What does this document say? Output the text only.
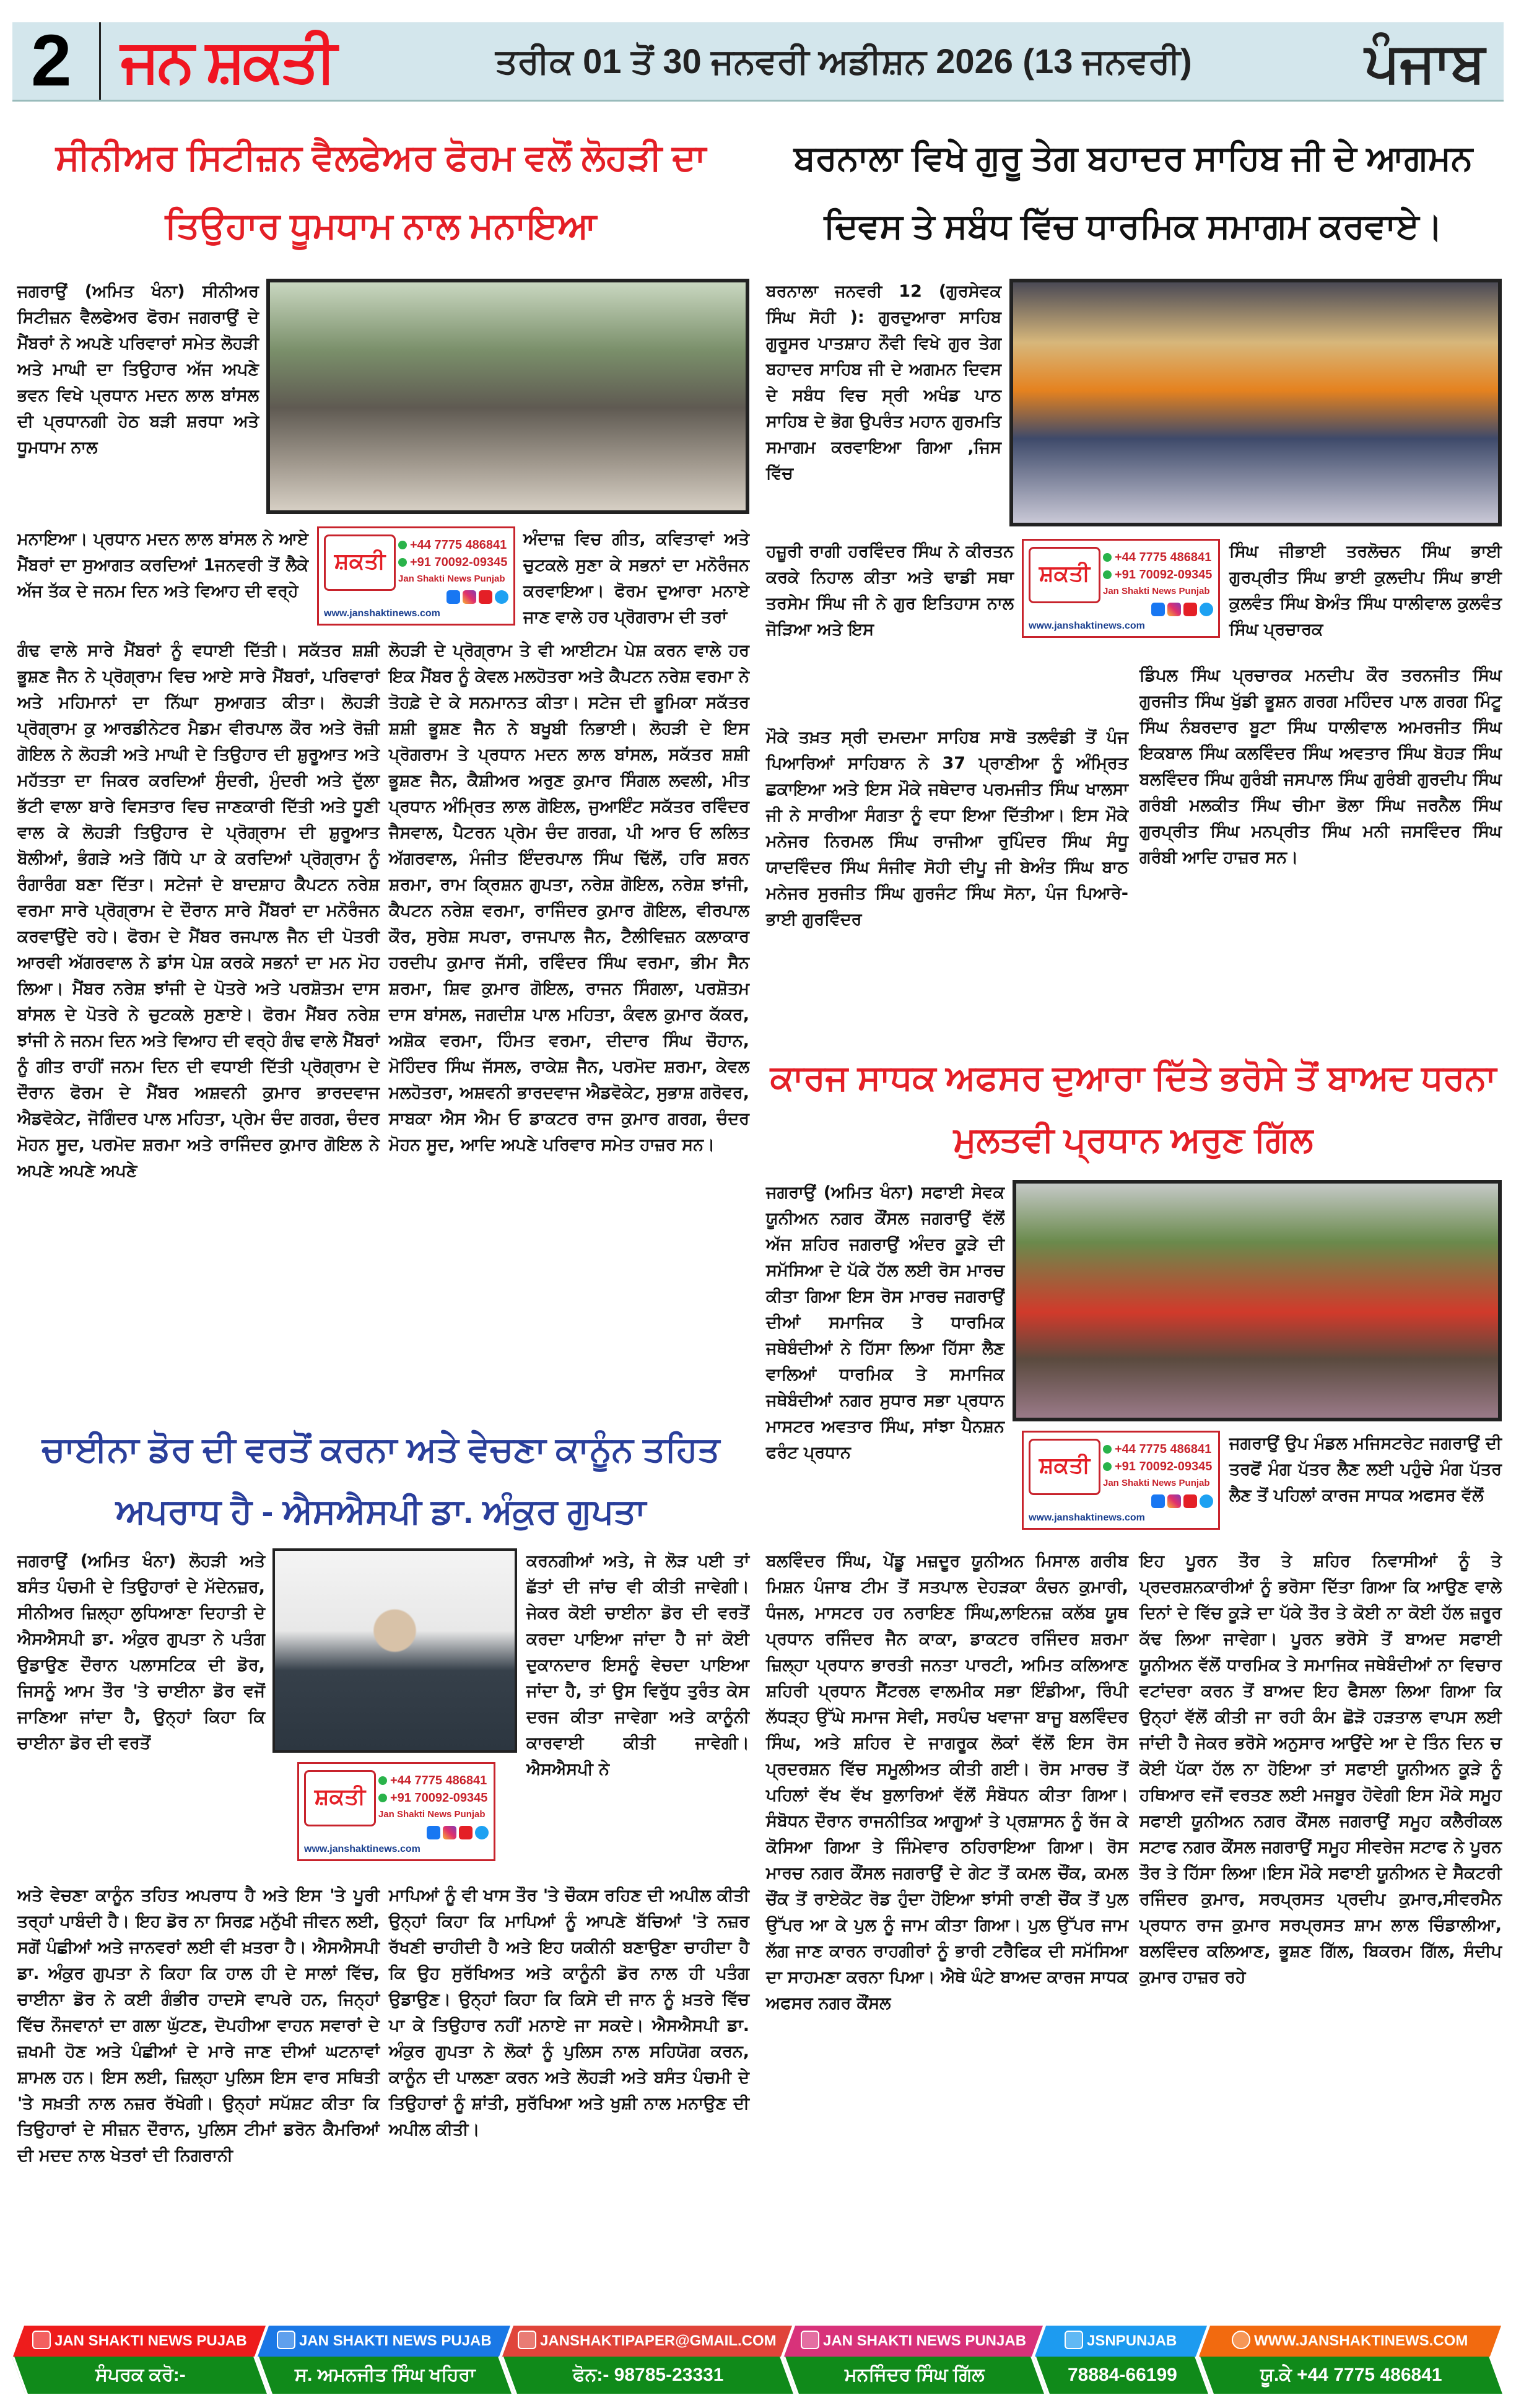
2 ਜਨ ਸ਼ਕਤੀ	ਤਰੀਕ 01 ਤੋਂ 30 ਜਨਵਰੀ ਅਡੀਸ਼ਨ 2026 (13 ਜਨਵਰੀ)	ਪੰਜਾਬ
ਸੀਨੀਅਰ ਸਿਟੀਜ਼ਨ ਵੈਲਫੇਅਰ ਫੋਰਮ ਵਲੋਂ ਲੋਹੜੀ ਦਾ
ਤਿਉਹਾਰ ਧੂਮਧਾਮ ਨਾਲ ਮਨਾਇਆ
ਜਗਰਾਉਂ (ਅਮਿਤ ਖੰਨਾ) ਸੀਨੀਅਰ ਸਿਟੀਜ਼ਨ ਵੈਲਫੇਅਰ ਫੋਰਮ ਜਗਰਾਉਂ ਦੇ ਮੈਂਬਰਾਂ ਨੇ ਅਪਣੇ ਪਰਿਵਾਰਾਂ ਸਮੇਤ ਲੋਹੜੀ ਅਤੇ ਮਾਘੀ ਦਾ ਤਿਉਹਾਰ ਅੱਜ ਅਪਣੇ ਭਵਨ ਵਿਖੇ ਪ੍ਰਧਾਨ ਮਦਨ ਲਾਲ ਬਾਂਸਲ ਦੀ ਪ੍ਰਧਾਨਗੀ ਹੇਠ ਬੜੀ ਸ਼ਰਧਾ ਅਤੇ ਧੂਮਧਾਮ ਨਾਲ
ਮਨਾਇਆ। ਪ੍ਰਧਾਨ ਮਦਨ ਲਾਲ ਬਾਂਸਲ ਨੇ ਆਏ ਮੈਂਬਰਾਂ ਦਾ ਸੁਆਗਤ ਕਰਦਿਆਂ 1ਜਨਵਰੀ ਤੋਂ ਲੈਕੇ ਅੱਜ ਤੱਕ ਦੇ ਜਨਮ ਦਿਨ ਅਤੇ ਵਿਆਹ ਦੀ ਵਰ੍ਹੇ
ਸ਼ਕਤੀ
+44 7775 486841
+91 70092-09345
Jan Shakti News Punjab
www.janshaktinews.com
ਅੰਦਾਜ਼ ਵਿਚ ਗੀਤ, ਕਵਿਤਾਵਾਂ ਅਤੇ ਚੁਟਕਲੇ ਸੁਣਾ ਕੇ ਸਭਨਾਂ ਦਾ ਮਨੋਰੰਜਨ ਕਰਵਾਇਆ। ਫੋਰਮ ਦੁਆਰਾ ਮਨਾਏ ਜਾਣ ਵਾਲੇ ਹਰ ਪ੍ਰੋਗਰਾਮ ਦੀ ਤਰਾਂ
ਗੰਢ ਵਾਲੇ ਸਾਰੇ ਮੈਂਬਰਾਂ ਨੂੰ ਵਧਾਈ ਦਿੱਤੀ। ਸਕੱਤਰ ਸ਼ਸ਼ੀ ਭੂਸ਼ਣ ਜੈਨ ਨੇ ਪ੍ਰੋਗ੍ਰਾਮ ਵਿਚ ਆਏ ਸਾਰੇ ਮੈਂਬਰਾਂ, ਪਰਿਵਾਰਾਂ ਅਤੇ ਮਹਿਮਾਨਾਂ ਦਾ ਨਿੱਘਾ ਸੁਆਗਤ ਕੀਤਾ। ਲੋਹੜੀ ਪ੍ਰੋਗ੍ਰਾਮ ਕੁ ਆਰਡੀਨੇਟਰ ਮੈਡਮ ਵੀਰਪਾਲ ਕੌਰ ਅਤੇ ਰੋਜ਼ੀ ਗੋਇਲ ਨੇ ਲੋਹੜੀ ਅਤੇ ਮਾਘੀ ਦੇ ਤਿਉਹਾਰ ਦੀ ਸ਼ੁਰੂਆਤ ਅਤੇ ਮਹੱਤਤਾ ਦਾ ਜਿਕਰ ਕਰਦਿਆਂ ਸੁੰਦਰੀ, ਮੁੰਦਰੀ ਅਤੇ ਦੁੱਲਾ ਭੱਟੀ ਵਾਲਾ ਬਾਰੇ ਵਿਸਤਾਰ ਵਿਚ ਜਾਣਕਾਰੀ ਦਿੱਤੀ ਅਤੇ ਧੂਣੀ ਵਾਲ ਕੇ ਲੋਹੜੀ ਤਿਉਹਾਰ ਦੇ ਪ੍ਰੋਗ੍ਰਾਮ ਦੀ ਸ਼ੁਰੂਆਤ ਬੋਲੀਆਂ, ਭੰਗੜੇ ਅਤੇ ਗਿੱਧੇ ਪਾ ਕੇ ਕਰਦਿਆਂ ਪ੍ਰੋਗ੍ਰਾਮ ਨੂੰ ਰੰਗਾਰੰਗ ਬਣਾ ਦਿੱਤਾ। ਸਟੇਜਾਂ ਦੇ ਬਾਦਸ਼ਾਹ ਕੈਪਟਨ ਨਰੇਸ਼ ਵਰਮਾ ਸਾਰੇ ਪ੍ਰੋਗ੍ਰਾਮ ਦੇ ਦੌਰਾਨ ਸਾਰੇ ਮੈਂਬਰਾਂ ਦਾ ਮਨੋਰੰਜਨ ਕਰਵਾਉਂਦੇ ਰਹੇ। ਫੋਰਮ ਦੇ ਮੈਂਬਰ ਰਜਪਾਲ ਜੈਨ ਦੀ ਪੋਤਰੀ ਆਰਵੀ ਅੱਗਰਵਾਲ ਨੇ ਡਾਂਸ ਪੇਸ਼ ਕਰਕੇ ਸਭਨਾਂ ਦਾ ਮਨ ਮੋਹ ਲਿਆ। ਮੈਂਬਰ ਨਰੇਸ਼ ਝਾਂਜੀ ਦੇ ਪੋਤਰੇ ਅਤੇ ਪਰਸ਼ੋਤਮ ਦਾਸ ਬਾਂਸਲ ਦੇ ਪੋਤਰੇ ਨੇ ਚੁਟਕਲੇ ਸੁਣਾਏ। ਫੋਰਮ ਮੈਂਬਰ ਨਰੇਸ਼ ਝਾਂਜੀ ਨੇ ਜਨਮ ਦਿਨ ਅਤੇ ਵਿਆਹ ਦੀ ਵਰ੍ਹੇ ਗੰਢ ਵਾਲੇ ਮੈਂਬਰਾਂ ਨੂੰ ਗੀਤ ਰਾਹੀਂ ਜਨਮ ਦਿਨ ਦੀ ਵਧਾਈ ਦਿੱਤੀ ਪ੍ਰੋਗ੍ਰਾਮ ਦੇ ਦੌਰਾਨ ਫੋਰਮ ਦੇ ਮੈਂਬਰ ਅਸ਼ਵਨੀ ਕੁਮਾਰ ਭਾਰਦਵਾਜ ਐਡਵੋਕੇਟ, ਜੋਗਿੰਦਰ ਪਾਲ ਮਹਿਤਾ, ਪ੍ਰੇਮ ਚੰਦ ਗਰਗ, ਚੰਦਰ ਮੋਹਨ ਸੂਦ, ਪਰਮੋਦ ਸ਼ਰਮਾ ਅਤੇ ਰਾਜਿੰਦਰ ਕੁਮਾਰ ਗੋਇਲ ਨੇ ਅਪਣੇ ਅਪਣੇ ਅਪਣੇ
ਲੋਹੜੀ ਦੇ ਪ੍ਰੋਗ੍ਰਾਮ ਤੇ ਵੀ ਆਈਟਮ ਪੇਸ਼ ਕਰਨ ਵਾਲੇ ਹਰ ਇਕ ਮੈਂਬਰ ਨੂੰ ਕੇਵਲ ਮਲਹੋਤਰਾ ਅਤੇ ਕੈਪਟਨ ਨਰੇਸ਼ ਵਰਮਾ ਨੇ ਤੋਹਫ਼ੇ ਦੇ ਕੇ ਸਨਮਾਨਤ ਕੀਤਾ। ਸਟੇਜ ਦੀ ਭੂਮਿਕਾ ਸਕੱਤਰ ਸ਼ਸ਼ੀ ਭੂਸ਼ਣ ਜੈਨ ਨੇ ਬਖੂਬੀ ਨਿਭਾਈ। ਲੋਹੜੀ ਦੇ ਇਸ ਪ੍ਰੋਗਰਾਮ ਤੇ ਪ੍ਰਧਾਨ ਮਦਨ ਲਾਲ ਬਾਂਸਲ, ਸਕੱਤਰ ਸ਼ਸ਼ੀ ਭੂਸ਼ਣ ਜੈਨ, ਕੈਸ਼ੀਅਰ ਅਰੁਣ ਕੁਮਾਰ ਸਿੰਗਲ ਲਵਲੀ, ਮੀਤ ਪ੍ਰਧਾਨ ਅੰਮ੍ਰਿਤ ਲਾਲ ਗੋਇਲ, ਜੁਆਇੰਟ ਸਕੱਤਰ ਰਵਿੰਦਰ ਜੈਸਵਾਲ, ਪੈਟਰਨ ਪ੍ਰੇਮ ਚੰਦ ਗਰਗ, ਪੀ ਆਰ ਓ ਲਲਿਤ ਅੱਗਰਵਾਲ, ਮੰਜੀਤ ਇੰਦਰਪਾਲ ਸਿੰਘ ਢਿੱਲੋਂ, ਹਰਿ ਸ਼ਰਨ ਸ਼ਰਮਾ, ਰਾਮ ਕ੍ਰਿਸ਼ਨ ਗੁਪਤਾ, ਨਰੇਸ਼ ਗੋਇਲ, ਨਰੇਸ਼ ਝਾਂਜੀ, ਕੈਪਟਨ ਨਰੇਸ਼ ਵਰਮਾ, ਰਾਜਿੰਦਰ ਕੁਮਾਰ ਗੋਇਲ, ਵੀਰਪਾਲ ਕੌਰ, ਸੁਰੇਸ਼ ਸਪਰਾ, ਰਾਜਪਾਲ ਜੈਨ, ਟੈਲੀਵਿਜ਼ਨ ਕਲਾਕਾਰ ਹਰਦੀਪ ਕੁਮਾਰ ਜੱਸੀ, ਰਵਿੰਦਰ ਸਿੰਘ ਵਰਮਾ, ਭੀਮ ਸੈਨ ਸ਼ਰਮਾ, ਸ਼ਿਵ ਕੁਮਾਰ ਗੋਇਲ, ਰਾਜਨ ਸਿੰਗਲਾ, ਪਰਸ਼ੋਤਮ ਦਾਸ ਬਾਂਸਲ, ਜਗਦੀਸ਼ ਪਾਲ ਮਹਿਤਾ, ਕੰਵਲ ਕੁਮਾਰ ਕੱਕਰ, ਅਸ਼ੋਕ ਵਰਮਾ, ਹਿੰਮਤ ਵਰਮਾ, ਦੀਦਾਰ ਸਿੰਘ ਚੌਹਾਨ, ਮੋਹਿੰਦਰ ਸਿੰਘ ਜੱਸਲ, ਰਾਕੇਸ਼ ਜੈਨ, ਪਰਮੋਦ ਸ਼ਰਮਾ, ਕੇਵਲ ਮਲਹੋਤਰਾ, ਅਸ਼ਵਨੀ ਭਾਰਦਵਾਜ ਐਡਵੋਕੇਟ, ਸੁਭਾਸ਼ ਗਰੋਵਰ, ਸਾਬਕਾ ਐਸ ਐਮ ਓ ਡਾਕਟਰ ਰਾਜ ਕੁਮਾਰ ਗਰਗ, ਚੰਦਰ ਮੋਹਨ ਸੂਦ, ਆਦਿ ਅਪਣੇ ਪਰਿਵਾਰ ਸਮੇਤ ਹਾਜ਼ਰ ਸਨ।
ਬਰਨਾਲਾ ਵਿਖੇ ਗੁਰੂ ਤੇਗ ਬਹਾਦਰ ਸਾਹਿਬ ਜੀ ਦੇ ਆਗਮਨ
ਦਿਵਸ ਤੇ ਸਬੰਧ ਵਿੱਚ ਧਾਰਮਿਕ ਸਮਾਗਮ ਕਰਵਾਏ।
ਬਰਨਾਲਾ ਜਨਵਰੀ 12 (ਗੁਰਸੇਵਕ ਸਿੰਘ ਸੋਹੀ ): ਗੁਰਦੁਆਰਾ ਸਾਹਿਬ ਗੁਰੂਸਰ ਪਾਤਸ਼ਾਹ ਨੌਵੀ ਵਿਖੇ ਗੁਰ ਤੇਗ ਬਹਾਦਰ ਸਾਹਿਬ ਜੀ ਦੇ ਅਗਮਨ ਦਿਵਸ ਦੇ ਸਬੰਧ ਵਿਚ ਸ੍ਰੀ ਅਖੰਡ ਪਾਠ ਸਾਹਿਬ ਦੇ ਭੋਗ ਉਪਰੰਤ ਮਹਾਨ ਗੁਰਮਤਿ ਸਮਾਗਮ ਕਰਵਾਇਆ ਗਿਆ ,ਜਿਸ ਵਿੱਚ
ਹਜ਼ੂਰੀ ਰਾਗੀ ਹਰਵਿੰਦਰ ਸਿੰਘ ਨੇ ਕੀਰਤਨ ਕਰਕੇ ਨਿਹਾਲ ਕੀਤਾ ਅਤੇ ਢਾਡੀ ਸਥਾ ਤਰਸੇਮ ਸਿੰਘ ਜੀ ਨੇ ਗੁਰ ਇਤਿਹਾਸ ਨਾਲ ਜੋੜਿਆ ਅਤੇ ਇਸ
ਸ਼ਕਤੀ
+44 7775 486841
+91 70092-09345
Jan Shakti News Punjab
www.janshaktinews.com
ਸਿੰਘ ਜੀਭਾਈ ਤਰਲੋਚਨ ਸਿੰਘ ਭਾਈ ਗੁਰਪ੍ਰੀਤ ਸਿੰਘ ਭਾਈ ਕੁਲਦੀਪ ਸਿੰਘ ਭਾਈ ਕੁਲਵੰਤ ਸਿੰਘ ਬੇਅੰਤ ਸਿੰਘ ਧਾਲੀਵਾਲ ਕੁਲਵੰਤ ਸਿੰਘ ਪ੍ਰਚਾਰਕ
ਮੌਕੇ ਤਖ਼ਤ ਸ੍ਰੀ ਦਮਦਮਾ ਸਾਹਿਬ ਸਾਬੋ ਤਲਵੰਡੀ ਤੋਂ ਪੰਜ ਪਿਆਰਿਆਂ ਸਾਹਿਬਾਨ ਨੇ 37 ਪ੍ਰਾਣੀਆ ਨੂੰ ਅੰਮ੍ਰਿਤ ਛਕਾਇਆ ਅਤੇ ਇਸ ਮੌਕੇ ਜਥੇਦਾਰ ਪਰਮਜੀਤ ਸਿੰਘ ਖਾਲਸਾ ਜੀ ਨੇ ਸਾਰੀਆ ਸੰਗਤਾ ਨੂੰ ਵਧਾ ਇਆ ਦਿੱਤੀਆ। ਇਸ ਮੌਕੇ ਮਨੇਜਰ ਨਿਰਮਲ ਸਿੰਘ ਰਾਜੀਆ ਰੁਪਿੰਦਰ ਸਿੰਘ ਸੰਧੂ ਯਾਦਵਿੰਦਰ ਸਿੰਘ ਸੰਜੀਵ ਸੋਹੀ ਦੀਪੂ ਜੀ ਬੇਅੰਤ ਸਿੰਘ ਬਾਠ ਮਨੇਜਰ ਸੁਰਜੀਤ ਸਿੰਘ ਗੁਰਜੰਟ ਸਿੰਘ ਸੋਨਾ, ਪੰਜ ਪਿਆਰੇ- ਭਾਈ ਗੁਰਵਿੰਦਰ
ਡਿੰਪਲ ਸਿੰਘ ਪ੍ਰਚਾਰਕ ਮਨਦੀਪ ਕੌਰ ਤਰਨਜੀਤ ਸਿੰਘ ਗੁਰਜੀਤ ਸਿੰਘ ਖੁੱਡੀ ਭੂਸ਼ਨ ਗਰਗ ਮਹਿੰਦਰ ਪਾਲ ਗਰਗ ਮਿੰਟੂ ਸਿੰਘ ਨੰਬਰਦਾਰ ਬੂਟਾ ਸਿੰਘ ਧਾਲੀਵਾਲ ਅਮਰਜੀਤ ਸਿੰਘ ਇਕਬਾਲ ਸਿੰਘ ਕਲਵਿੰਦਰ ਸਿੰਘ ਅਵਤਾਰ ਸਿੰਘ ਬੋਹੜ ਸਿੰਘ ਬਲਵਿੰਦਰ ਸਿੰਘ ਗੁਰੰਬੀ ਜਸਪਾਲ ਸਿੰਘ ਗੁਰੰਬੀ ਗੁਰਦੀਪ ਸਿੰਘ ਗਰੰਬੀ ਮਲਕੀਤ ਸਿੰਘ ਚੀਮਾ ਭੋਲਾ ਸਿੰਘ ਜਰਨੈਲ ਸਿੰਘ ਗੁਰਪ੍ਰੀਤ ਸਿੰਘ ਮਨਪ੍ਰੀਤ ਸਿੰਘ ਮਨੀ ਜਸਵਿੰਦਰ ਸਿੰਘ ਗਰੰਬੀ ਆਦਿ ਹਾਜ਼ਰ ਸਨ।
ਕਾਰਜ ਸਾਧਕ ਅਫਸਰ ਦੁਆਰਾ ਦਿੱਤੇ ਭਰੋਸੇ ਤੋਂ ਬਾਅਦ ਧਰਨਾ
ਮੁਲਤਵੀ ਪ੍ਰਧਾਨ ਅਰੁਣ ਗਿੱਲ
ਜਗਰਾਉਂ (ਅਮਿਤ ਖੰਨਾ) ਸਫਾਈ ਸੇਵਕ ਯੂਨੀਅਨ ਨਗਰ ਕੌਂਸਲ ਜਗਰਾਉਂ ਵੱਲੋਂ ਅੱਜ ਸ਼ਹਿਰ ਜਗਰਾਉਂ ਅੰਦਰ ਕੂੜੇ ਦੀ ਸਮੱਸਿਆ ਦੇ ਪੱਕੇ ਹੱਲ ਲਈ ਰੋਸ ਮਾਰਚ ਕੀਤਾ ਗਿਆ ਇਸ ਰੋਸ ਮਾਰਚ ਜਗਰਾਉਂ ਦੀਆਂ ਸਮਾਜਿਕ ਤੇ ਧਾਰਮਿਕ ਜਥੇਬੰਦੀਆਂ ਨੇ ਹਿੱਸਾ ਲਿਆ ਹਿੱਸਾ ਲੈਣ ਵਾਲਿਆਂ ਧਾਰਮਿਕ ਤੇ ਸਮਾਜਿਕ ਜਥੇਬੰਦੀਆਂ ਨਗਰ ਸੁਧਾਰ ਸਭਾ ਪ੍ਰਧਾਨ ਮਾਸਟਰ ਅਵਤਾਰ ਸਿੰਘ, ਸਾਂਝਾ ਪੈਨਸ਼ਨ ਫਰੰਟ ਪ੍ਰਧਾਨ	ਸ਼ਕਤੀ
+44 7775 486841
+91 70092-09345
Jan Shakti News Punjab
www.janshaktinews.com
ਜਗਰਾਉਂ ਉਪ ਮੰਡਲ ਮਜਿਸਟਰੇਟ ਜਗਰਾਉਂ ਦੀ ਤਰਫੋਂ ਮੰਗ ਪੱਤਰ ਲੈਣ ਲਈ ਪਹੁੰਚੇ ਮੰਗ ਪੱਤਰ ਲੈਣ ਤੋਂ ਪਹਿਲਾਂ ਕਾਰਜ ਸਾਧਕ ਅਫਸਰ ਵੱਲੋਂ
ਬਲਵਿੰਦਰ ਸਿੰਘ, ਪੇਂਡੂ ਮਜ਼ਦੂਰ ਯੂਨੀਅਨ ਮਿਸਾਲ ਗਰੀਬ ਮਿਸ਼ਨ ਪੰਜਾਬ ਟੀਮ ਤੋਂ ਸਤਪਾਲ ਦੇਹੜਕਾ ਕੰਚਨ ਕੁਮਾਰੀ, ਧੰਜਲ, ਮਾਸਟਰ ਹਰ ਨਰਾਇਣ ਸਿੰਘ,ਲਾਇਨਜ਼ ਕਲੱਬ ਯੂਥ ਪ੍ਰਧਾਨ ਰਜਿੰਦਰ ਜੈਨ ਕਾਕਾ, ਡਾਕਟਰ ਰਜਿੰਦਰ ਸ਼ਰਮਾ ਜ਼ਿਲ੍ਹਾ ਪ੍ਰਧਾਨ ਭਾਰਤੀ ਜਨਤਾ ਪਾਰਟੀ, ਅਮਿਤ ਕਲਿਆਣ ਸ਼ਹਿਰੀ ਪ੍ਰਧਾਨ ਸੈਂਟਰਲ ਵਾਲਮੀਕ ਸਭਾ ਇੰਡੀਆ, ਰਿੰਪੀ ਲੱਧੜ੍ਹ ਉੱਘੇ ਸਮਾਜ ਸੇਵੀ, ਸਰਪੰਚ ਖਵਾਜਾ ਬਾਜੂ ਬਲਵਿੰਦਰ ਸਿੰਘ, ਅਤੇ ਸ਼ਹਿਰ ਦੇ ਜਾਗਰੂਕ ਲੋਕਾਂ ਵੱਲੋਂ ਇਸ ਰੋਸ ਪ੍ਰਦਰਸ਼ਨ ਵਿੱਚ ਸਮੂਲੀਅਤ ਕੀਤੀ ਗਈ। ਰੋਸ ਮਾਰਚ ਤੋਂ ਪਹਿਲਾਂ ਵੱਖ ਵੱਖ ਬੁਲਾਰਿਆਂ ਵੱਲੋਂ ਸੰਬੋਧਨ ਕੀਤਾ ਗਿਆ। ਸੰਬੋਧਨ ਦੌਰਾਨ ਰਾਜਨੀਤਿਕ ਆਗੂਆਂ ਤੇ ਪ੍ਰਸ਼ਾਸਨ ਨੂੰ ਰੱਜ ਕੇ ਕੋਸਿਆ ਗਿਆ ਤੇ ਜਿੰਮੇਵਾਰ ਠਹਿਰਾਇਆ ਗਿਆ। ਰੋਸ ਮਾਰਚ ਨਗਰ ਕੌਂਸਲ ਜਗਰਾਉਂ ਦੇ ਗੇਟ ਤੋਂ ਕਮਲ ਚੌਂਕ, ਕਮਲ ਚੌਂਕ ਤੋਂ ਰਾਏਕੋਟ ਰੋਡ ਹੁੰਦਾ ਹੋਇਆ ਝਾਂਸੀ ਰਾਣੀ ਚੌਂਕ ਤੋਂ ਪੁਲ ਉੱਪਰ ਆ ਕੇ ਪੁਲ ਨੂੰ ਜਾਮ ਕੀਤਾ ਗਿਆ। ਪੁਲ ਉੱਪਰ ਜਾਮ ਲੱਗ ਜਾਣ ਕਾਰਨ ਰਾਹਗੀਰਾਂ ਨੂੰ ਭਾਰੀ ਟਰੈਫਿਕ ਦੀ ਸਮੱਸਿਆ ਦਾ ਸਾਹਮਣਾ ਕਰਨਾ ਪਿਆ। ਐਥੇ ਘੰਟੇ ਬਾਅਦ ਕਾਰਜ ਸਾਧਕ ਅਫਸਰ ਨਗਰ ਕੌਂਸਲ
ਇਹ ਪੂਰਨ ਤੌਰ ਤੇ ਸ਼ਹਿਰ ਨਿਵਾਸੀਆਂ ਨੂੰ ਤੇ ਪ੍ਰਦਰਸ਼ਨਕਾਰੀਆਂ ਨੂੰ ਭਰੋਸਾ ਦਿੱਤਾ ਗਿਆ ਕਿ ਆਉਣ ਵਾਲੇ ਦਿਨਾਂ ਦੇ ਵਿੱਚ ਕੂੜੇ ਦਾ ਪੱਕੇ ਤੌਰ ਤੇ ਕੋਈ ਨਾ ਕੋਈ ਹੱਲ ਜ਼ਰੂਰ ਕੱਢ ਲਿਆ ਜਾਵੇਗਾ। ਪੂਰਨ ਭਰੋਸੇ ਤੋਂ ਬਾਅਦ ਸਫਾਈ ਯੂਨੀਅਨ ਵੱਲੋਂ ਧਾਰਮਿਕ ਤੇ ਸਮਾਜਿਕ ਜਥੇਬੰਦੀਆਂ ਨਾ ਵਿਚਾਰ ਵਟਾਂਦਰਾ ਕਰਨ ਤੋਂ ਬਾਅਦ ਇਹ ਫੈਸਲਾ ਲਿਆ ਗਿਆ ਕਿ ਉਨ੍ਹਾਂ ਵੱਲੋਂ ਕੀਤੀ ਜਾ ਰਹੀ ਕੰਮ ਛੋੜੋ ਹੜਤਾਲ ਵਾਪਸ ਲਈ ਜਾਂਦੀ ਹੈ ਜੇਕਰ ਭਰੋਸੇ ਅਨੁਸਾਰ ਆਉਂਦੇ ਆ ਦੇ ਤਿੰਨ ਦਿਨ ਚ ਕੋਈ ਪੱਕਾ ਹੱਲ ਨਾ ਹੋਇਆ ਤਾਂ ਸਫਾਈ ਯੂਨੀਅਨ ਕੂੜੇ ਨੂੰ ਹਥਿਆਰ ਵਜੋਂ ਵਰਤਣ ਲਈ ਮਜਬੂਰ ਹੋਵੇਗੀ ਇਸ ਮੌਕੇ ਸਮੂਹ ਸਫਾਈ ਯੂਨੀਅਨ ਨਗਰ ਕੌਂਸਲ ਜਗਰਾਉਂ ਸਮੂਹ ਕਲੈਰੀਕਲ ਸਟਾਫ ਨਗਰ ਕੌਂਸਲ ਜਗਰਾਉਂ ਸਮੂਹ ਸੀਵਰੇਜ ਸਟਾਫ ਨੇ ਪੂਰਨ ਤੌਰ ਤੇ ਹਿੱਸਾ ਲਿਆ।ਇਸ ਮੌਕੇ ਸਫਾਈ ਯੂਨੀਅਨ ਦੇ ਸੈਕਟਰੀ ਰਜਿੰਦਰ ਕੁਮਾਰ, ਸਰਪ੍ਰਸਤ ਪ੍ਰਦੀਪ ਕੁਮਾਰ,ਸੀਵਰਮੈਨ ਪ੍ਰਧਾਨ ਰਾਜ ਕੁਮਾਰ ਸਰਪ੍ਰਸਤ ਸ਼ਾਮ ਲਾਲ ਚਿੰਡਾਲੀਆ, ਬਲਵਿੰਦਰ ਕਲਿਆਣ, ਭੂਸ਼ਣ ਗਿੱਲ, ਬਿਕਰਮ ਗਿੱਲ, ਸੰਦੀਪ ਕੁਮਾਰ ਹਾਜ਼ਰ ਰਹੇ
ਚਾਈਨਾ ਡੋਰ ਦੀ ਵਰਤੋਂ ਕਰਨਾ ਅਤੇ ਵੇਚਣਾ ਕਾਨੂੰਨ ਤਹਿਤ
ਅਪਰਾਧ ਹੈ - ਐਸਐਸਪੀ ਡਾ. ਅੰਕੁਰ ਗੁਪਤਾ
ਜਗਰਾਉਂ (ਅਮਿਤ ਖੰਨਾ) ਲੋਹੜੀ ਅਤੇ ਬਸੰਤ ਪੰਚਮੀ ਦੇ ਤਿਉਹਾਰਾਂ ਦੇ ਮੱਦੇਨਜ਼ਰ, ਸੀਨੀਅਰ ਜ਼ਿਲ੍ਹਾ ਲੁਧਿਆਣਾ ਦਿਹਾਤੀ ਦੇ ਐਸਐਸਪੀ ਡਾ. ਅੰਕੁਰ ਗੁਪਤਾ ਨੇ ਪਤੰਗ ਉਡਾਉਣ ਦੌਰਾਨ ਪਲਾਸਟਿਕ ਦੀ ਡੋਰ, ਜਿਸਨੂੰ ਆਮ ਤੌਰ 'ਤੇ ਚਾਈਨਾ ਡੋਰ ਵਜੋਂ ਜਾਣਿਆ ਜਾਂਦਾ ਹੈ, ਉਨ੍ਹਾਂ ਕਿਹਾ ਕਿ ਚਾਈਨਾ ਡੋਰ ਦੀ ਵਰਤੋਂ
ਸ਼ਕਤੀ
+44 7775 486841
+91 70092-09345
Jan Shakti News Punjab
www.janshaktinews.com
ਕਰਨਗੀਆਂ ਅਤੇ, ਜੇ ਲੋੜ ਪਈ ਤਾਂ ਛੱਤਾਂ ਦੀ ਜਾਂਚ ਵੀ ਕੀਤੀ ਜਾਵੇਗੀ। ਜੇਕਰ ਕੋਈ ਚਾਈਨਾ ਡੋਰ ਦੀ ਵਰਤੋਂ ਕਰਦਾ ਪਾਇਆ ਜਾਂਦਾ ਹੈ ਜਾਂ ਕੋਈ ਦੁਕਾਨਦਾਰ ਇਸਨੂੰ ਵੇਚਦਾ ਪਾਇਆ ਜਾਂਦਾ ਹੈ, ਤਾਂ ਉਸ ਵਿਰੁੱਧ ਤੁਰੰਤ ਕੇਸ ਦਰਜ ਕੀਤਾ ਜਾਵੇਗਾ ਅਤੇ ਕਾਨੂੰਨੀ ਕਾਰਵਾਈ ਕੀਤੀ ਜਾਵੇਗੀ। ਐਸਐਸਪੀ ਨੇ
ਅਤੇ ਵੇਚਣਾ ਕਾਨੂੰਨ ਤਹਿਤ ਅਪਰਾਧ ਹੈ ਅਤੇ ਇਸ 'ਤੇ ਪੂਰੀ ਤਰ੍ਹਾਂ ਪਾਬੰਦੀ ਹੈ। ਇਹ ਡੋਰ ਨਾ ਸਿਰਫ਼ ਮਨੁੱਖੀ ਜੀਵਨ ਲਈ, ਸਗੋਂ ਪੰਛੀਆਂ ਅਤੇ ਜਾਨਵਰਾਂ ਲਈ ਵੀ ਖ਼ਤਰਾ ਹੈ। ਐਸਐਸਪੀ ਡਾ. ਅੰਕੁਰ ਗੁਪਤਾ ਨੇ ਕਿਹਾ ਕਿ ਹਾਲ ਹੀ ਦੇ ਸਾਲਾਂ ਵਿੱਚ, ਚਾਈਨਾ ਡੋਰ ਨੇ ਕਈ ਗੰਭੀਰ ਹਾਦਸੇ ਵਾਪਰੇ ਹਨ, ਜਿਨ੍ਹਾਂ ਵਿੱਚ ਨੌਜਵਾਨਾਂ ਦਾ ਗਲਾ ਘੁੱਟਣ, ਦੋਪਹੀਆ ਵਾਹਨ ਸਵਾਰਾਂ ਦੇ ਜ਼ਖਮੀ ਹੋਣ ਅਤੇ ਪੰਛੀਆਂ ਦੇ ਮਾਰੇ ਜਾਣ ਦੀਆਂ ਘਟਨਾਵਾਂ ਸ਼ਾਮਲ ਹਨ। ਇਸ ਲਈ, ਜ਼ਿਲ੍ਹਾ ਪੁਲਿਸ ਇਸ ਵਾਰ ਸਥਿਤੀ 'ਤੇ ਸਖ਼ਤੀ ਨਾਲ ਨਜ਼ਰ ਰੱਖੇਗੀ। ਉਨ੍ਹਾਂ ਸਪੱਸ਼ਟ ਕੀਤਾ ਕਿ ਤਿਉਹਾਰਾਂ ਦੇ ਸੀਜ਼ਨ ਦੌਰਾਨ, ਪੁਲਿਸ ਟੀਮਾਂ ਡਰੋਨ ਕੈਮਰਿਆਂ ਦੀ ਮਦਦ ਨਾਲ ਖੇਤਰਾਂ ਦੀ ਨਿਗਰਾਨੀ
ਮਾਪਿਆਂ ਨੂੰ ਵੀ ਖਾਸ ਤੌਰ 'ਤੇ ਚੌਕਸ ਰਹਿਣ ਦੀ ਅਪੀਲ ਕੀਤੀ ਉਨ੍ਹਾਂ ਕਿਹਾ ਕਿ ਮਾਪਿਆਂ ਨੂੰ ਆਪਣੇ ਬੱਚਿਆਂ 'ਤੇ ਨਜ਼ਰ ਰੱਖਣੀ ਚਾਹੀਦੀ ਹੈ ਅਤੇ ਇਹ ਯਕੀਨੀ ਬਣਾਉਣਾ ਚਾਹੀਦਾ ਹੈ ਕਿ ਉਹ ਸੁਰੱਖਿਅਤ ਅਤੇ ਕਾਨੂੰਨੀ ਡੋਰ ਨਾਲ ਹੀ ਪਤੰਗ ਉਡਾਉਣ। ਉਨ੍ਹਾਂ ਕਿਹਾ ਕਿ ਕਿਸੇ ਦੀ ਜਾਨ ਨੂੰ ਖ਼ਤਰੇ ਵਿੱਚ ਪਾ ਕੇ ਤਿਉਹਾਰ ਨਹੀਂ ਮਨਾਏ ਜਾ ਸਕਦੇ। ਐਸਐਸਪੀ ਡਾ. ਅੰਕੁਰ ਗੁਪਤਾ ਨੇ ਲੋਕਾਂ ਨੂੰ ਪੁਲਿਸ ਨਾਲ ਸਹਿਯੋਗ ਕਰਨ, ਕਾਨੂੰਨ ਦੀ ਪਾਲਣਾ ਕਰਨ ਅਤੇ ਲੋਹੜੀ ਅਤੇ ਬਸੰਤ ਪੰਚਮੀ ਦੇ ਤਿਉਹਾਰਾਂ ਨੂੰ ਸ਼ਾਂਤੀ, ਸੁਰੱਖਿਆ ਅਤੇ ਖੁਸ਼ੀ ਨਾਲ ਮਨਾਉਣ ਦੀ ਅਪੀਲ ਕੀਤੀ।
JAN SHAKTI NEWS PUJAB
ਸੰਪਰਕ ਕਰੋ:-
JAN SHAKTI NEWS PUJAB
ਸ. ਅਮਨਜੀਤ ਸਿੰਘ ਖਹਿਰਾ
JANSHAKTIPAPER@GMAIL.COM
ਫੋਨ:- 98785-23331
JAN SHAKTI NEWS PUNJAB
ਮਨਜਿੰਦਰ ਸਿੰਘ ਗਿੱਲ
JSNPUNJAB
78884-66199
WWW.JANSHAKTINEWS.COM
ਯੂ.ਕੇ +44 7775 486841
